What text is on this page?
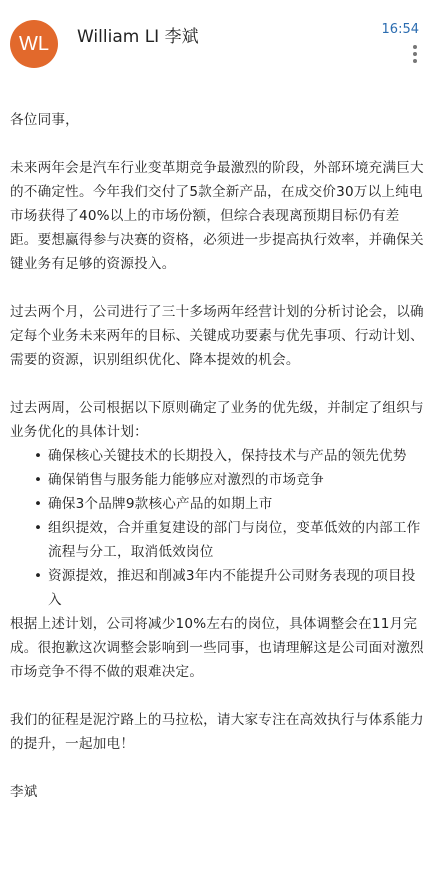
WL	William LI 李斌	16:54

各位同事，

未来两年会是汽车行业变革期竞争最激烈的阶段，外部环境充满巨大的不确定性。今年我们交付了5款全新产品，在成交价30万以上纯电市场获得了40%以上的市场份额，但综合表现离预期目标仍有差距。要想赢得参与决赛的资格，必须进一步提高执行效率，并确保关键业务有足够的资源投入。

过去两个月，公司进行了三十多场两年经营计划的分析讨论会，以确定每个业务未来两年的目标、关键成功要素与优先事项、行动计划、需要的资源，识别组织优化、降本提效的机会。

过去两周，公司根据以下原则确定了业务的优先级，并制定了组织与业务优化的具体计划：

• 确保核心关键技术的长期投入，保持技术与产品的领先优势
• 确保销售与服务能力能够应对激烈的市场竞争
• 确保3个品牌9款核心产品的如期上市
• 组织提效，合并重复建设的部门与岗位，变革低效的内部工作流程与分工，取消低效岗位
• 资源提效，推迟和削减3年内不能提升公司财务表现的项目投入

根据上述计划，公司将减少10%左右的岗位，具体调整会在11月完成。很抱歉这次调整会影响到一些同事，也请理解这是公司面对激烈市场竞争不得不做的艰难决定。

我们的征程是泥泞路上的马拉松，请大家专注在高效执行与体系能力的提升，一起加电！

李斌
